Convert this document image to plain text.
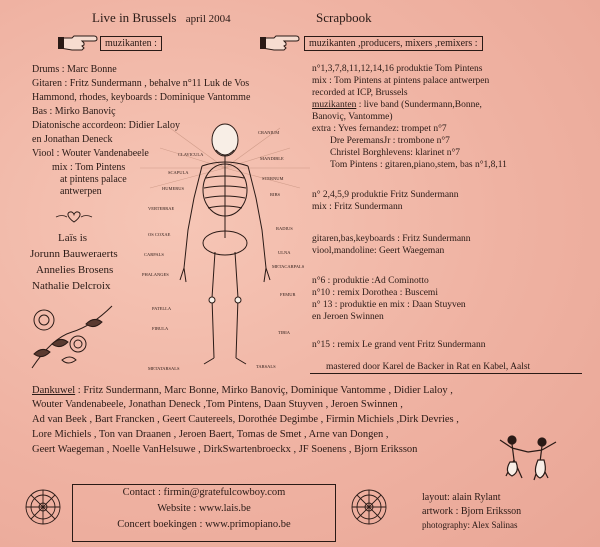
Live in Brussels april 2004
muzikanten :
Scrapbook
muzikanten ,producers, mixers ,remixers :
Drums : Marc Bonne
Gitaren : Fritz Sundermann , behalve n°11 Luk de Vos
Hammond, rhodes, keyboards : Dominique Vantomme
Bas : Mirko Banoviç
Diatonische accordeon: Didier Laloy
en Jonathan Deneck
Viool : Wouter Vandenabeele
mix : Tom Pintens
at pintens palace
antwerpen
Laïs is
Jorunn Bauweraerts
Annelies Brosens
Nathalie Delcroix
CRANIUM
MANDIBLE
CLAVICULA
SCAPULA
STERNUM
HUMERUS
RIBS
VERTEBRAE
OS COXAE
RADIUS
CARPALS	ULNA
METACARPALS
PHALANGES
FEMUR
PATELLA
FIBULA
TIBIA
METATARSALS	TARSALS
n°1,3,7,8,11,12,14,16 produktie Tom Pintens
mix : Tom Pintens at pintens palace antwerpen
recorded at ICP, Brussels
muzikanten : live band (Sundermann,Bonne,
Banoviç, Vantomme)
extra : Yves fernandez: trompet n°7
Dre PeremansJr : trombone n°7
Christel Borghlevens: klarinet n°7
Tom Pintens : gitaren,piano,stem, bas n°1,8,11
n° 2,4,5,9 produktie Fritz Sundermann
mix : Fritz Sundermann
gitaren,bas,keyboards : Fritz Sundermann
viool,mandoline: Geert Waegeman
n°6 : produktie :Ad Cominotto
n°10 : remix Dorothea : Buscemi
n° 13 : produktie en mix : Daan Stuyven
en Jeroen Swinnen
n°15 : remix Le grand vent Fritz Sundermann
mastered door Karel de Backer in Rat en Kabel, Aalst
Dankuwel : Fritz Sundermann, Marc Bonne, Mirko Banoviç, Dominique Vantomme , Didier Laloy ,
Wouter Vandenabeele, Jonathan Deneck ,Tom Pintens, Daan Stuyven , Jeroen Swinnen ,
Ad van Beek , Bart Francken , Geert Cautereels, Dorothée Degimbe , Firmin Michiels ,Dirk Devries ,
Lore Michiels , Ton van Draanen , Jeroen Baert, Tomas de Smet , Arne van Dongen ,
Geert Waegeman , Noelle VanHelsuwe , DirkSwartenbroeckx , JF Soenens , Bjorn Eriksson
Contact : firmin@gratefulcowboy.com
Website : www.lais.be
Concert boekingen : www.primopiano.be
layout: alain Rylant
artwork : Bjorn Eriksson
photography: Alex Salinas
